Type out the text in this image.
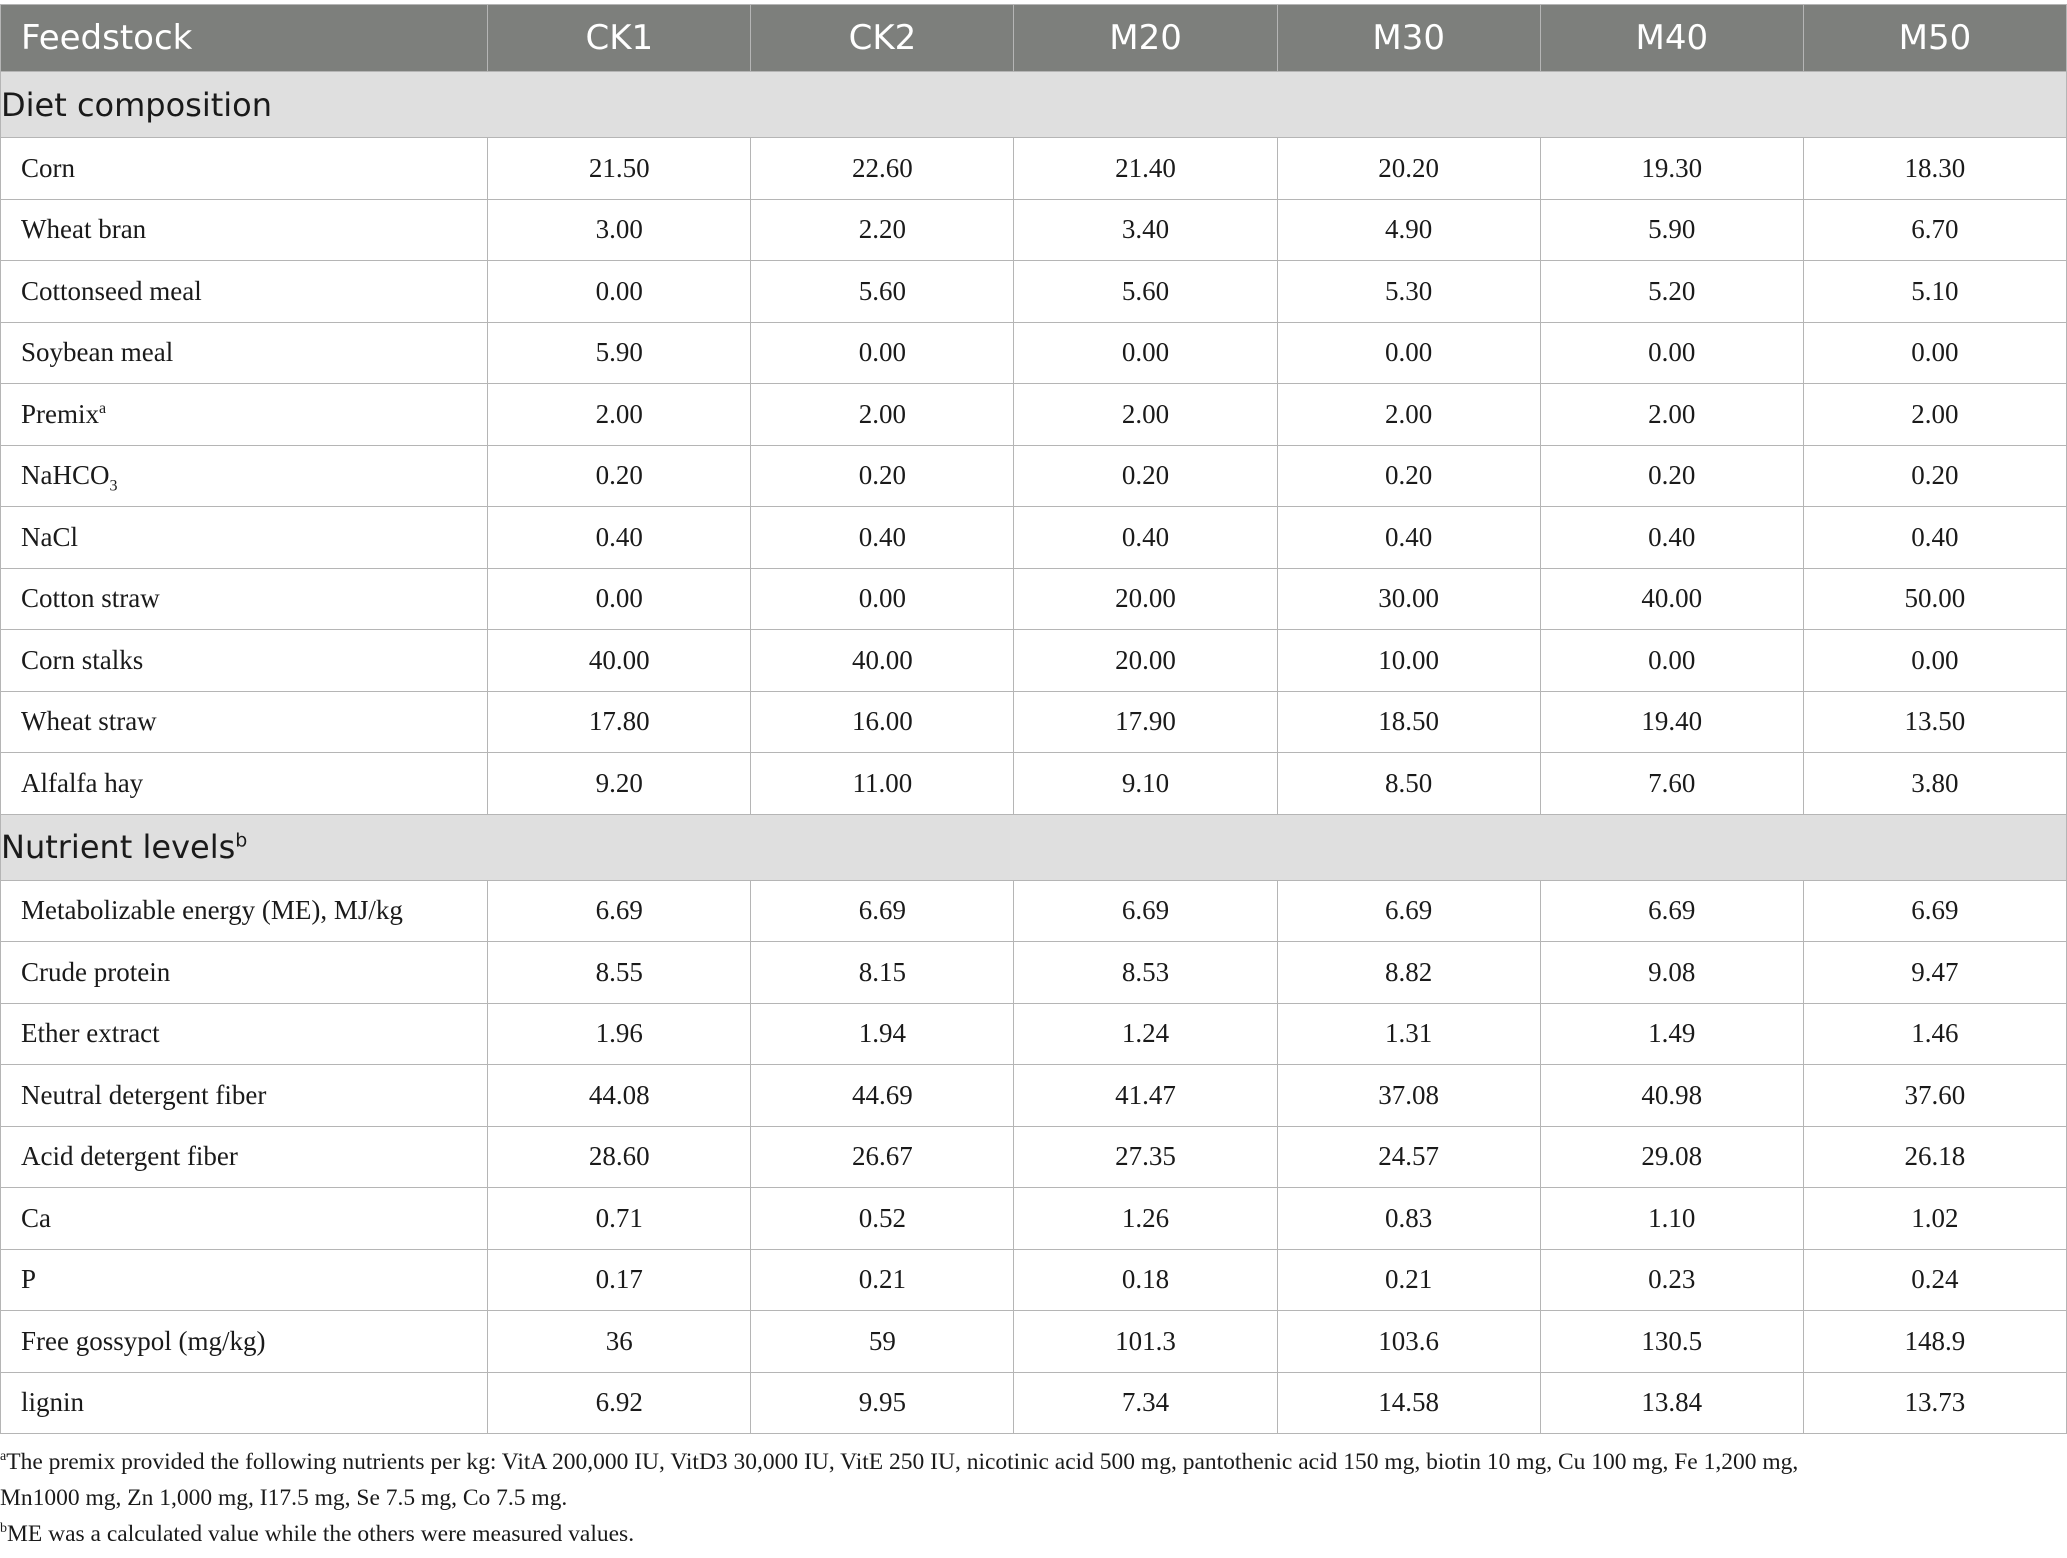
Feedstock	CK1	CK2	M20	M30	M40	M50
Diet composition						
Corn	21.50	22.60	21.40	20.20	19.30	18.30
Wheat bran	3.00	2.20	3.40	4.90	5.90	6.70
Cottonseed meal	0.00	5.60	5.60	5.30	5.20	5.10
Soybean meal	5.90	0.00	0.00	0.00	0.00	0.00
Premix$^a$	2.00	2.00	2.00	2.00	2.00	2.00
NaHCO$_3$	0.20	0.20	0.20	0.20	0.20	0.20
NaCl	0.40	0.40	0.40	0.40	0.40	0.40
Cotton straw	0.00	0.00	20.00	30.00	40.00	50.00
Corn stalks	40.00	40.00	20.00	10.00	0.00	0.00
Wheat straw	17.80	16.00	17.90	18.50	19.40	13.50
Alfalfa hay	9.20	11.00	9.10	8.50	7.60	3.80
Nutrient levels$^b$
Metabolizable energy (ME), MJ/kg	6.69	6.69	6.69	6.69	6.69	6.69
Crude protein	8.55	8.15	8.53	8.82	9.08	9.47
Ether extract	1.96	1.94	1.24	1.31	1.49	1.46
Neutral detergent fiber	44.08	44.69	41.47	37.08	40.98	37.60
Acid detergent fiber	28.60	26.67	27.35	24.57	29.08	26.18
Ca	0.71	0.52	1.26	0.83	1.10	1.02
P	0.17	0.21	0.18	0.21	0.23	0.24
Free gossypol (mg/kg)	36	59	101.3	103.6	130.5	148.9
lignin	6.92	9.95	7.34	14.58	13.84	13.73

$^a$The premix provided the following nutrients per kg: VitA 200,000 IU, VitD3 30,000 IU, VitE 250 IU, nicotinic acid 500 mg, pantothenic acid 150 mg, biotin 10 mg, Cu 100 mg, Fe 1,200 mg,

Mn1000 mg, Zn 1,000 mg, I17.5 mg, Se 7.5 mg, Co 7.5 mg.

$^b$ME was a calculated value while the others were measured values.
